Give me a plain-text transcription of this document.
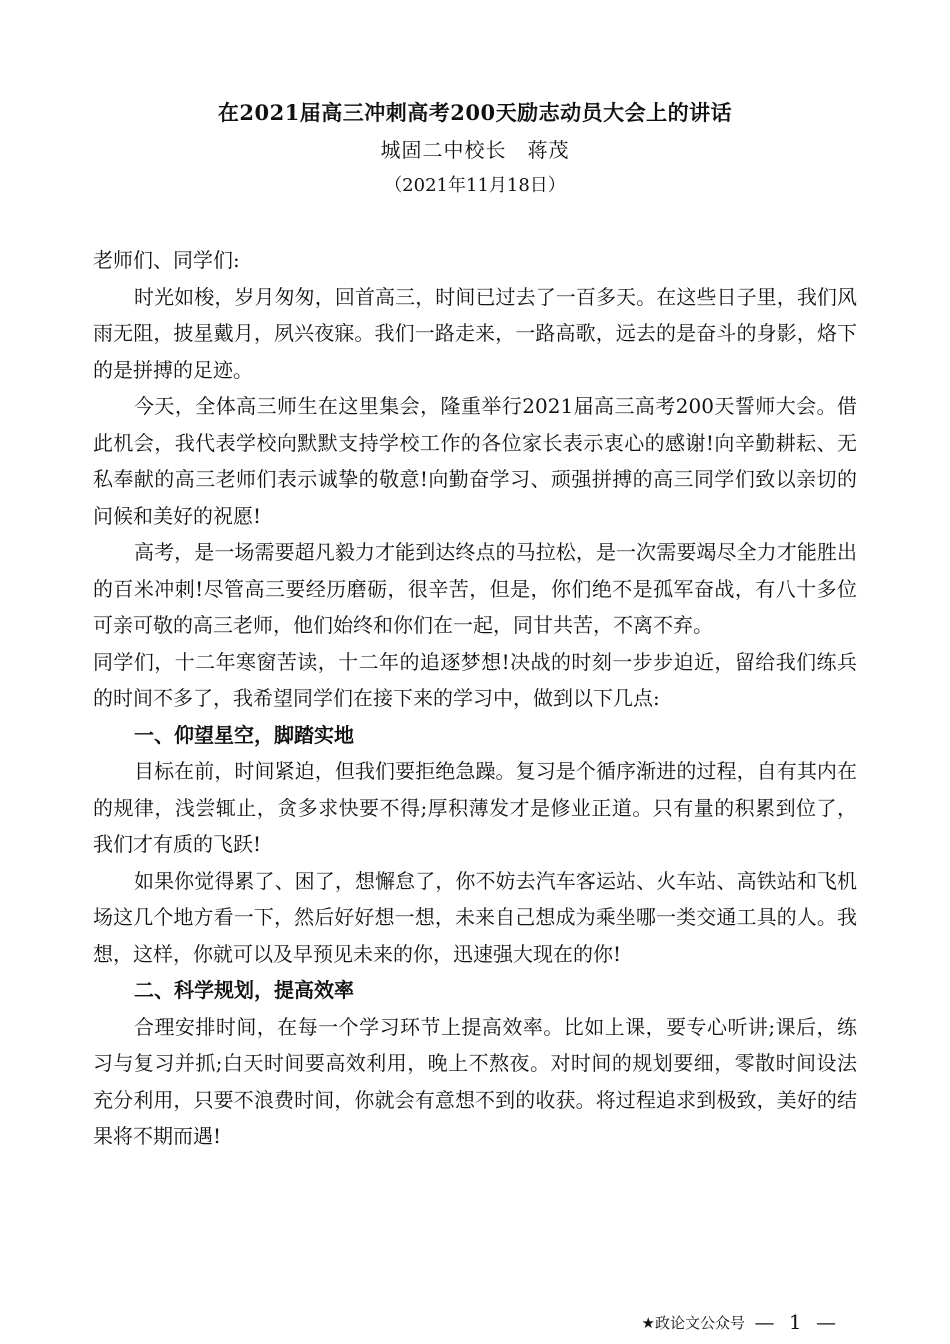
在2021届高三冲刺高考200天励志动员大会上的讲话
城固二中校长　蒋茂
（2021年11月18日）

老师们、同学们:

时光如梭，岁月匆匆，回首高三，时间已过去了一百多天。在这些日子里，我们风雨无阻，披星戴月，夙兴夜寐。我们一路走来，一路高歌，远去的是奋斗的身影，烙下的是拼搏的足迹。

今天，全体高三师生在这里集会，隆重举行2021届高三高考200天誓师大会。借此机会，我代表学校向默默支持学校工作的各位家长表示衷心的感谢!向辛勤耕耘、无私奉献的高三老师们表示诚挚的敬意!向勤奋学习、顽强拼搏的高三同学们致以亲切的问候和美好的祝愿!

高考，是一场需要超凡毅力才能到达终点的马拉松，是一次需要竭尽全力才能胜出的百米冲刺!尽管高三要经历磨砺，很辛苦，但是，你们绝不是孤军奋战，有八十多位可亲可敬的高三老师，他们始终和你们在一起，同甘共苦，不离不弃。

同学们，十二年寒窗苦读，十二年的追逐梦想!决战的时刻一步步迫近，留给我们练兵的时间不多了，我希望同学们在接下来的学习中，做到以下几点:

一、仰望星空，脚踏实地

目标在前，时间紧迫，但我们要拒绝急躁。复习是个循序渐进的过程，自有其内在的规律，浅尝辄止，贪多求快要不得;厚积薄发才是修业正道。只有量的积累到位了，我们才有质的飞跃!

如果你觉得累了、困了，想懈怠了，你不妨去汽车客运站、火车站、高铁站和飞机场这几个地方看一下，然后好好想一想，未来自己想成为乘坐哪一类交通工具的人。我想，这样，你就可以及早预见未来的你，迅速强大现在的你!

二、科学规划，提高效率

合理安排时间，在每一个学习环节上提高效率。比如上课，要专心听讲;课后，练习与复习并抓;白天时间要高效利用，晚上不熬夜。对时间的规划要细，零散时间设法充分利用，只要不浪费时间，你就会有意想不到的收获。将过程追求到极致，美好的结果将不期而遇!

★政论文公众号 — 1 —
